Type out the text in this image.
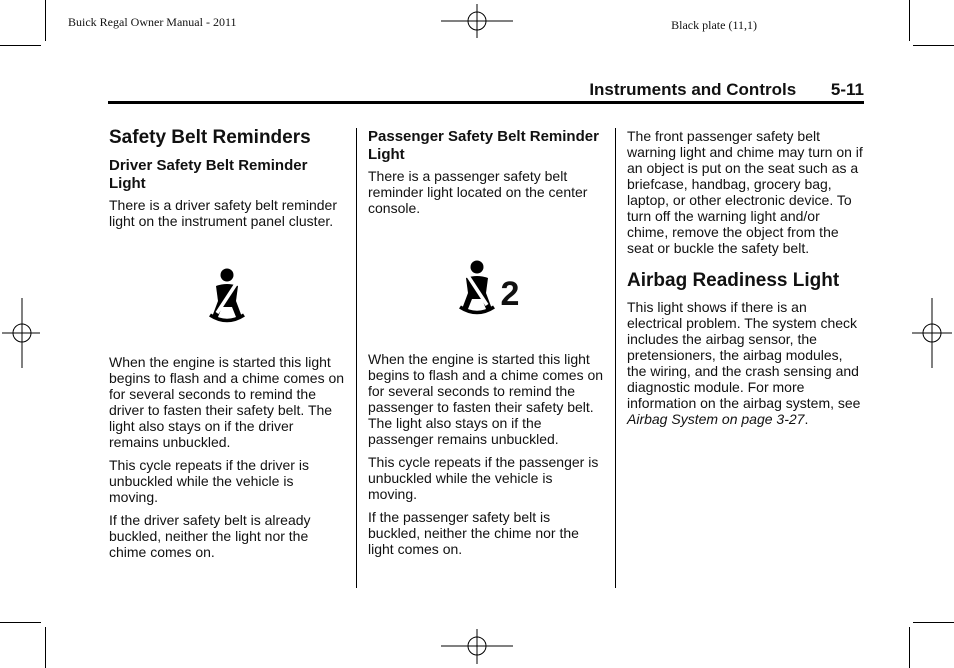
Buick Regal Owner Manual - 2011	Black plate (11,1)
Instruments and Controls 5-11
Safety Belt Reminders
Driver Safety Belt Reminder Light

There is a driver safety belt reminder light on the instrument panel cluster.

When the engine is started this light begins to flash and a chime comes on for several seconds to remind the driver to fasten their safety belt. The light also stays on if the driver remains unbuckled.

This cycle repeats if the driver is unbuckled while the vehicle is moving.

If the driver safety belt is already buckled, neither the light nor the chime comes on.

Passenger Safety Belt Reminder Light

There is a passenger safety belt reminder light located on the center console.

2

When the engine is started this light begins to flash and a chime comes on for several seconds to remind the passenger to fasten their safety belt. The light also stays on if the passenger remains unbuckled.

This cycle repeats if the passenger is unbuckled while the vehicle is moving.

If the passenger safety belt is buckled, neither the chime nor the light comes on.

The front passenger safety belt warning light and chime may turn on if an object is put on the seat such as a briefcase, handbag, grocery bag, laptop, or other electronic device. To turn off the warning light and/or chime, remove the object from the seat or buckle the safety belt.

Airbag Readiness Light

This light shows if there is an electrical problem. The system check includes the airbag sensor, the pretensioners, the airbag modules, the wiring, and the crash sensing and diagnostic module. For more information on the airbag system, see Airbag System on page 3-27.
